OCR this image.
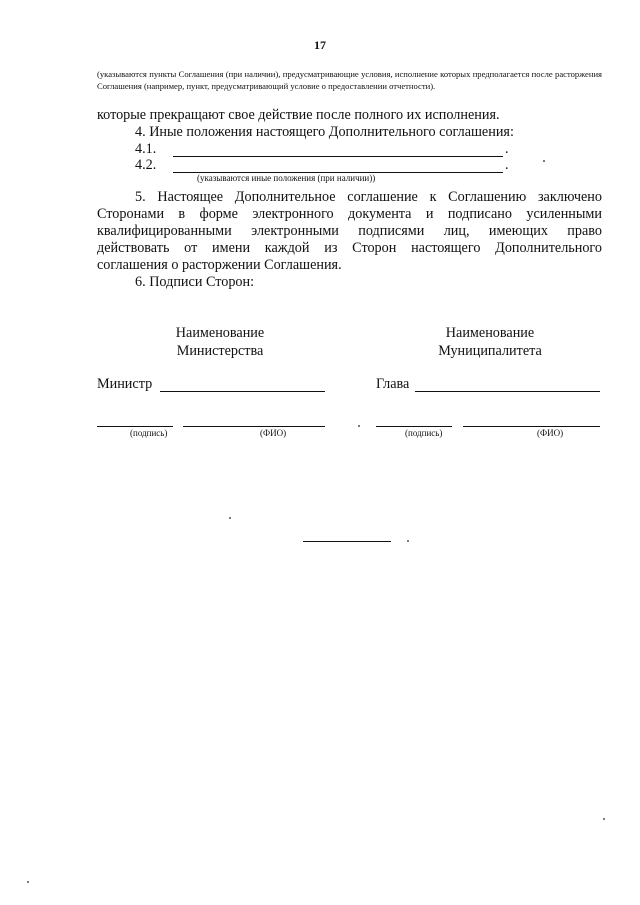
17
(указываются пункты Соглашения (при наличии), предусматривающие условия, исполнение которых предполагается после расторжения Соглашения (например, пункт, предусматривающий условие о предоставлении отчетности).
которые прекращают свое действие после полного их исполнения.
4. Иные положения настоящего Дополнительного соглашения:
4.1.	.
4.2.	.
(указываются иные положения (при наличии))
5. Настоящее Дополнительное соглашение к Соглашению заключено
Сторонами в форме электронного документа и подписано усиленными
квалифицированными электронными подписями лиц, имеющих право
действовать от имени каждой из Сторон настоящего Дополнительного
соглашения о расторжении Соглашения.
6. Подписи Сторон:
Наименование
Министерства
Министр
(подпись)	(ФИО)
Наименование
Муниципалитета
Глава
(подпись)	(ФИО)
